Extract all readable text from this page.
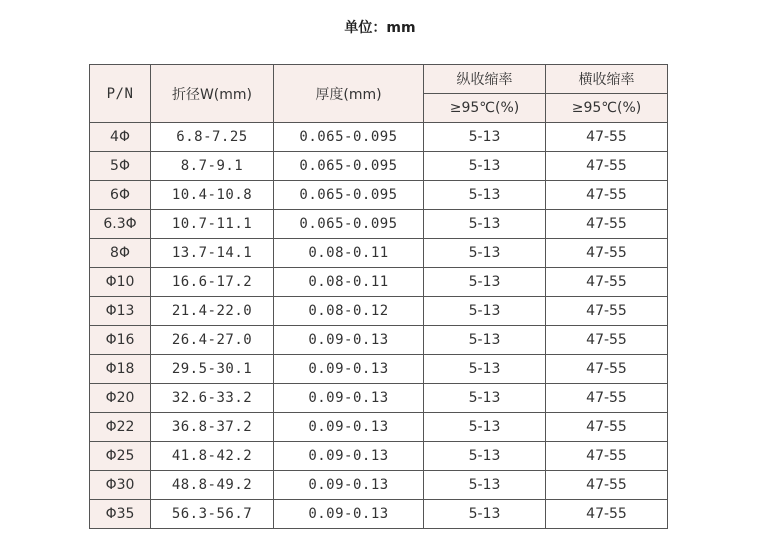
单位：mm
P/N	折径W(mm)	厚度(mm)	纵收缩率	横收缩率
			≥95℃(%)	≥95℃(%)
4Φ	6.8-7.25	0.065-0.095	5-13	47-55
5Φ	8.7-9.1	0.065-0.095	5-13	47-55
6Φ	10.4-10.8	0.065-0.095	5-13	47-55
6.3Φ	10.7-11.1	0.065-0.095	5-13	47-55
8Φ	13.7-14.1	0.08-0.11	5-13	47-55
Φ10	16.6-17.2	0.08-0.11	5-13	47-55
Φ13	21.4-22.0	0.08-0.12	5-13	47-55
Φ16	26.4-27.0	0.09-0.13	5-13	47-55
Φ18	29.5-30.1	0.09-0.13	5-13	47-55
Φ20	32.6-33.2	0.09-0.13	5-13	47-55
Φ22	36.8-37.2	0.09-0.13	5-13	47-55
Φ25	41.8-42.2	0.09-0.13	5-13	47-55
Φ30	48.8-49.2	0.09-0.13	5-13	47-55
Φ35	56.3-56.7	0.09-0.13	5-13	47-55
